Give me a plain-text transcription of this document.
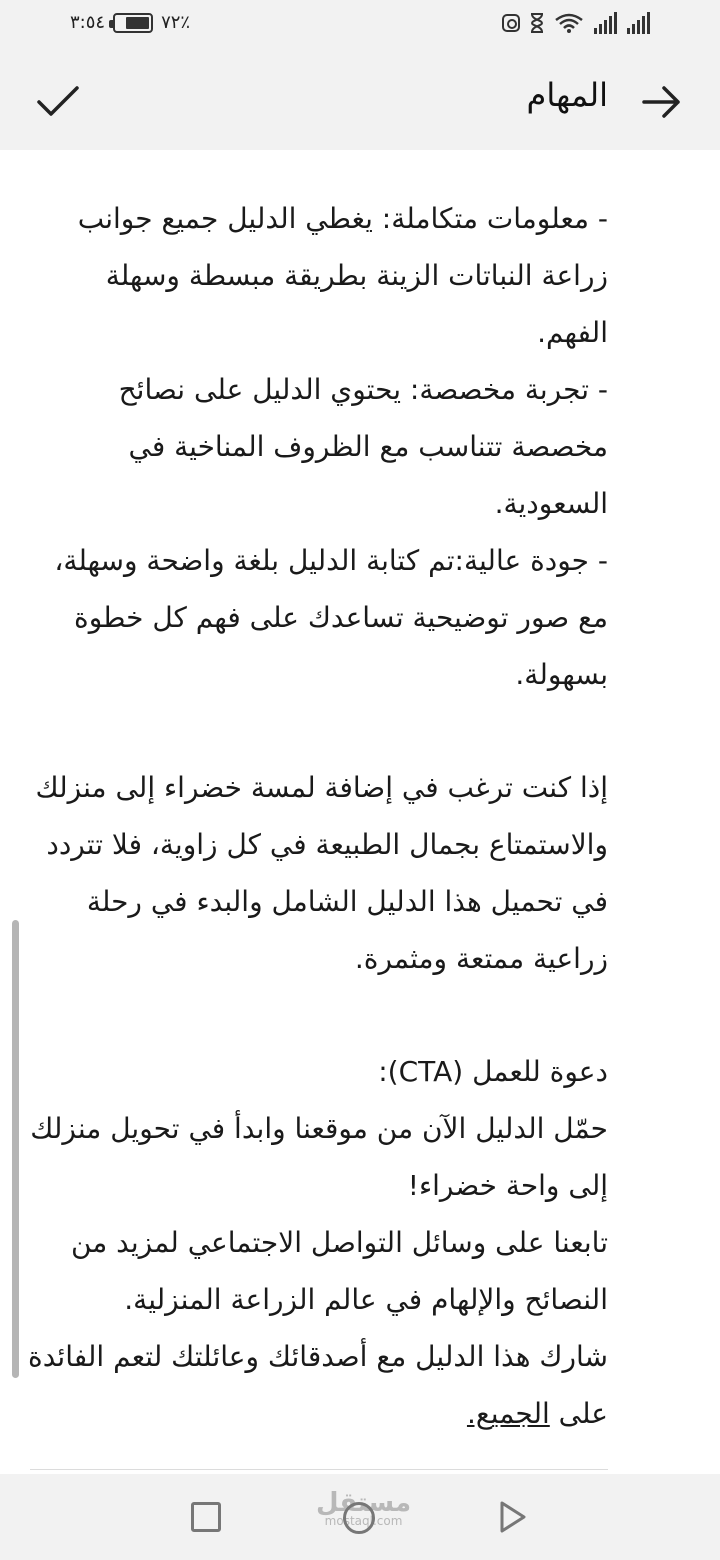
٣:٥٤	٧٢٪
المهام
- معلومات متكاملة: يغطي الدليل جميع جوانب زراعة النباتات الزينة بطريقة مبسطة وسهلة الفهم.
- تجربة مخصصة: يحتوي الدليل على نصائح مخصصة تتناسب مع الظروف المناخية في السعودية.
- جودة عالية:تم كتابة الدليل بلغة واضحة وسهلة، مع صور توضيحية تساعدك على فهم كل خطوة بسهولة.
إذا كنت ترغب في إضافة لمسة خضراء إلى منزلك والاستمتاع بجمال الطبيعة في كل زاوية، فلا تتردد في تحميل هذا الدليل الشامل والبدء في رحلة زراعية ممتعة ومثمرة.
دعوة للعمل (CTA):
حمّل الدليل الآن من موقعنا وابدأ في تحويل منزلك إلى واحة خضراء!
تابعنا على وسائل التواصل الاجتماعي لمزيد من النصائح والإلهام في عالم الزراعة المنزلية.
شارك هذا الدليل مع أصدقائك وعائلتك لتعم الفائدة على الجميع.
مستقل
mostaql.com
